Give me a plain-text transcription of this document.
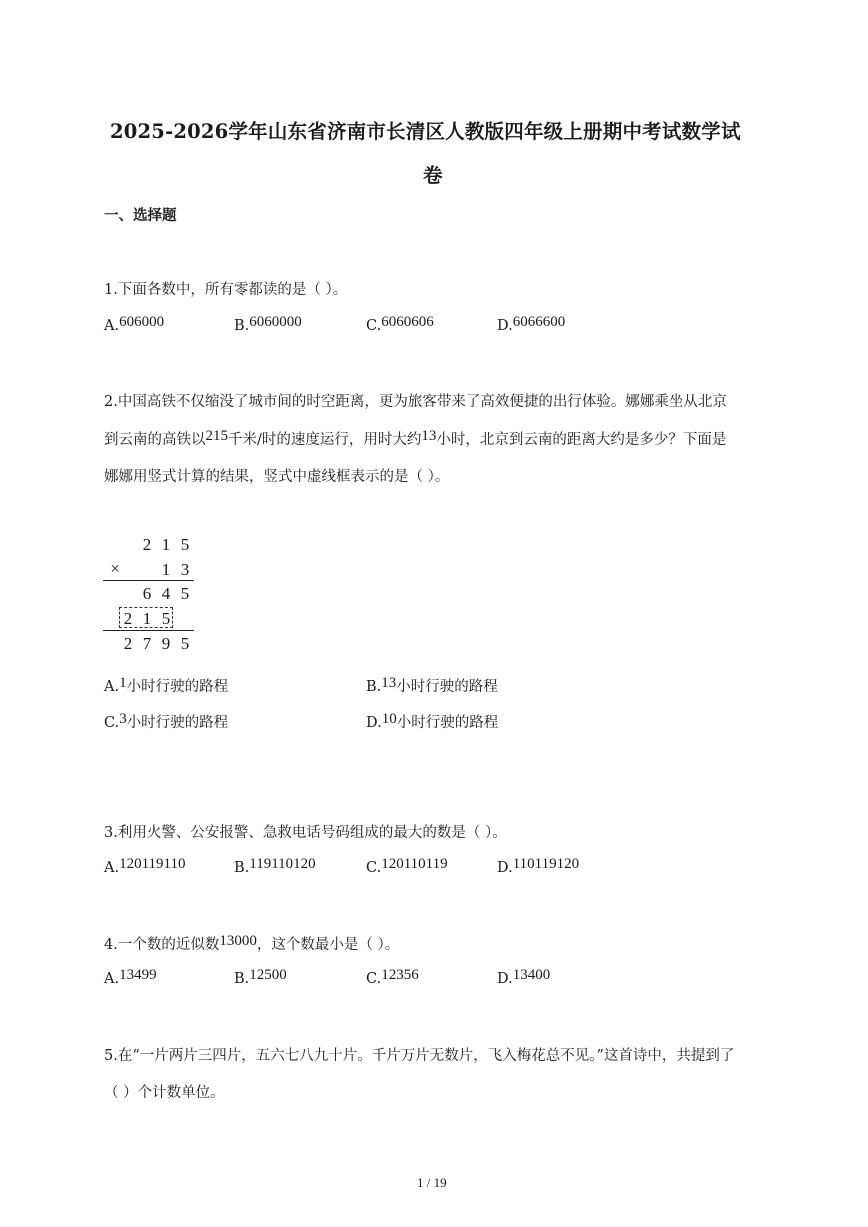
2025-2026学年山东省济南市长清区人教版四年级上册期中考试数学试
卷
一、选择题
1.下面各数中，所有零都读的是（ ）。
A.606000	B.6060000	C.6060606	D.6066600
2.中国高铁不仅缩没了城市间的时空距离，更为旅客带来了高效便捷的出行体验。娜娜乘坐从北京
到云南的高铁以215千米/时的速度运行，用时大约13小时，北京到云南的距离大约是多少？下面是
娜娜用竖式计算的结果，竖式中虚线框表示的是（ ）。
2 1 5
× 1 3
6 4 5
2 1 5
2 7 9 5
A.1小时行驶的路程	B.13小时行驶的路程
C.3小时行驶的路程	D.10小时行驶的路程
3.利用火警、公安报警、急救电话号码组成的最大的数是（ ）。
A.120119110	B.119110120	C.120110119	D.110119120
4.一个数的近似数13000，这个数最小是（ ）。
A.13499	B.12500	C.12356	D.13400
5.在“一片两片三四片，五六七八九十片。千片万片无数片，飞入梅花总不见。”这首诗中，共提到了
（ ）个计数单位。
1 / 19
